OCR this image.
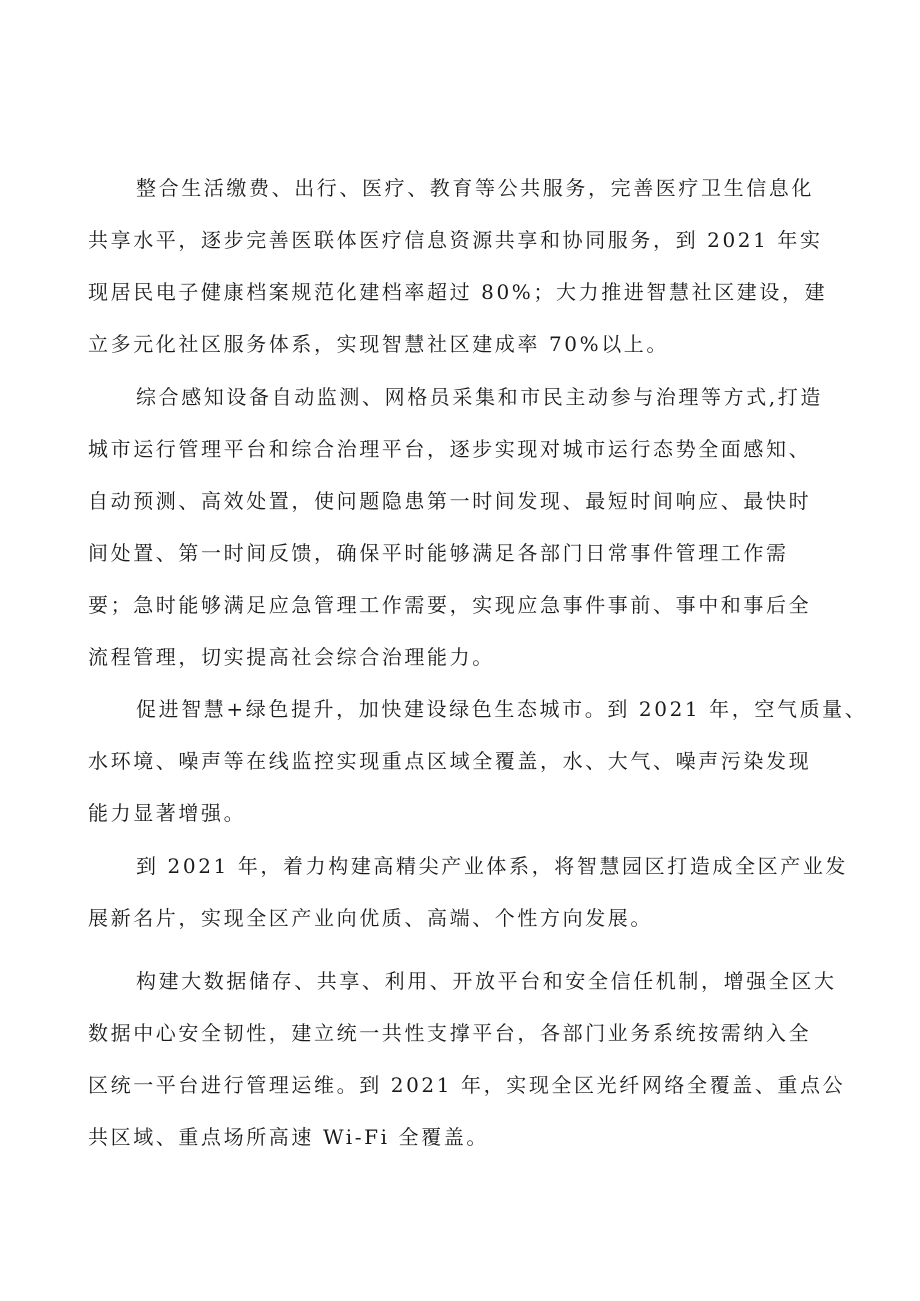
整合生活缴费、出行、医疗、教育等公共服务，完善医疗卫生信息化
共享水平，逐步完善医联体医疗信息资源共享和协同服务，到 2021 年实
现居民电子健康档案规范化建档率超过 80%；大力推进智慧社区建设，建
立多元化社区服务体系，实现智慧社区建成率 70%以上。
综合感知设备自动监测、网格员采集和市民主动参与治理等方式,打造
城市运行管理平台和综合治理平台，逐步实现对城市运行态势全面感知、
自动预测、高效处置，使问题隐患第一时间发现、最短时间响应、最快时
间处置、第一时间反馈，确保平时能够满足各部门日常事件管理工作需
要；急时能够满足应急管理工作需要，实现应急事件事前、事中和事后全
流程管理，切实提高社会综合治理能力。
促进智慧+绿色提升，加快建设绿色生态城市。到 2021 年，空气质量、
水环境、噪声等在线监控实现重点区域全覆盖，水、大气、噪声污染发现
能力显著增强。
到 2021 年，着力构建高精尖产业体系，将智慧园区打造成全区产业发
展新名片，实现全区产业向优质、高端、个性方向发展。
构建大数据储存、共享、利用、开放平台和安全信任机制，增强全区大
数据中心安全韧性，建立统一共性支撑平台，各部门业务系统按需纳入全
区统一平台进行管理运维。到 2021 年，实现全区光纤网络全覆盖、重点公
共区域、重点场所高速 Wi-Fi 全覆盖。
